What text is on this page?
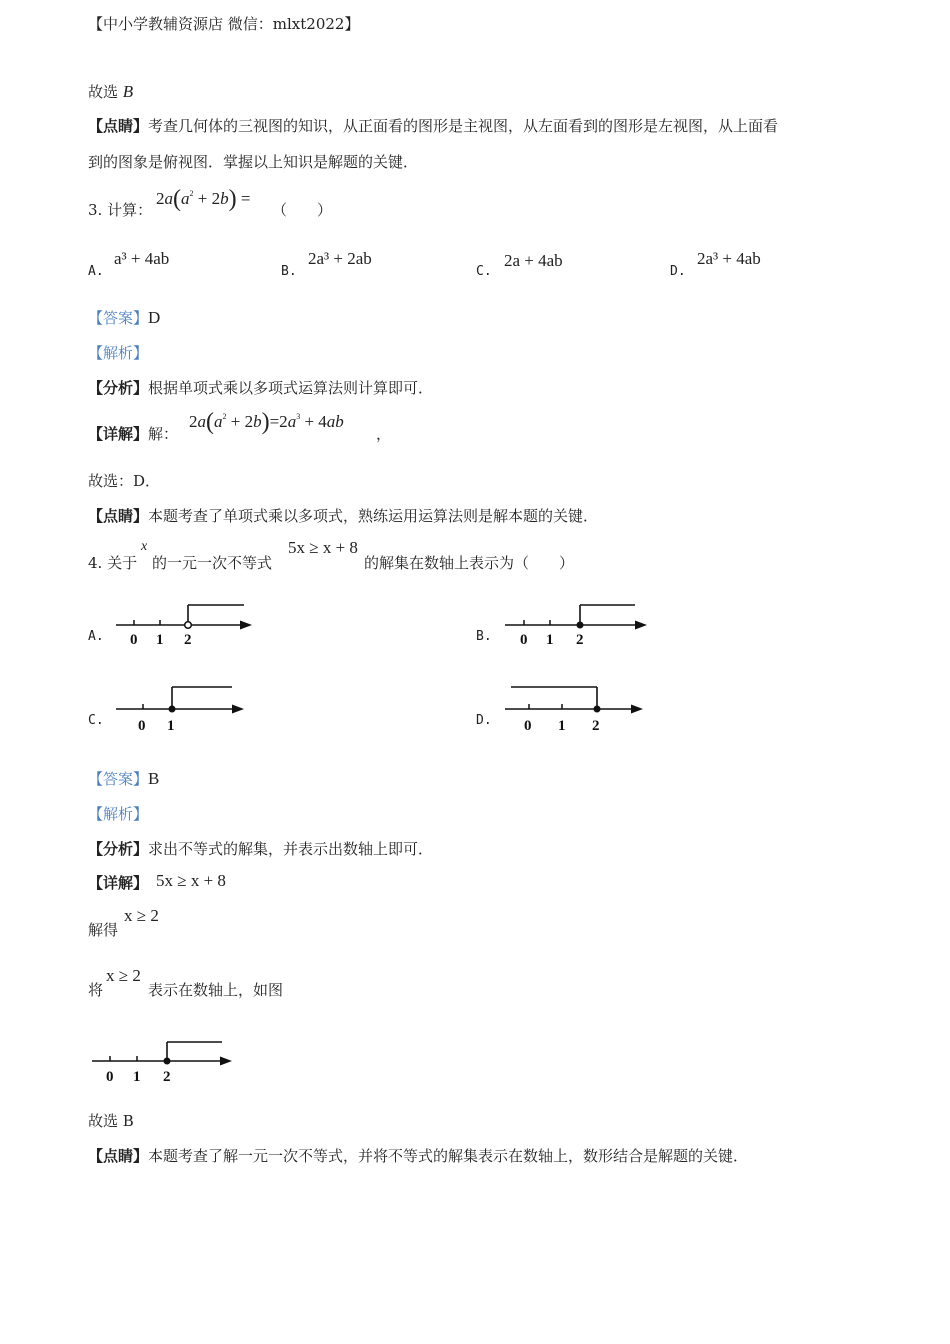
【中小学教辅资源店 微信：mlxt2022】
故选 B
【点睛】考查几何体的三视图的知识，从正面看的图形是主视图，从左面看到的图形是左视图，从上面看
到的图象是俯视图．掌握以上知识是解题的关键．
3. 计算：
$2a(a^2 + 2b)$ =
（　　）
A.
a³ + 4ab
B.
2a³ + 2ab
C.
2a + 4ab
D.
2a³ + 4ab
【答案】D
【解析】
【分析】根据单项式乘以多项式运算法则计算即可．
【详解】解：
$2a(a^2 + 2b)=2a^3 + 4ab$
，
故选：D．
【点睛】本题考查了单项式乘以多项式，熟练运用运算法则是解本题的关键．
4. 关于
x
的一元一次不等式
5x ≥ x + 8
的解集在数轴上表示为（　　）
A. 0 1 2	B. 0 1 2
C. 0 1	D. 0 1 2
【答案】B
【解析】
【分析】求出不等式的解集，并表示出数轴上即可．
【详解】 5x ≥ x + 8
解得
x ≥ 2
将
x ≥ 2
表示在数轴上，如图
0 1 2
故选 B
【点睛】本题考查了解一元一次不等式，并将不等式的解集表示在数轴上，数形结合是解题的关键．
